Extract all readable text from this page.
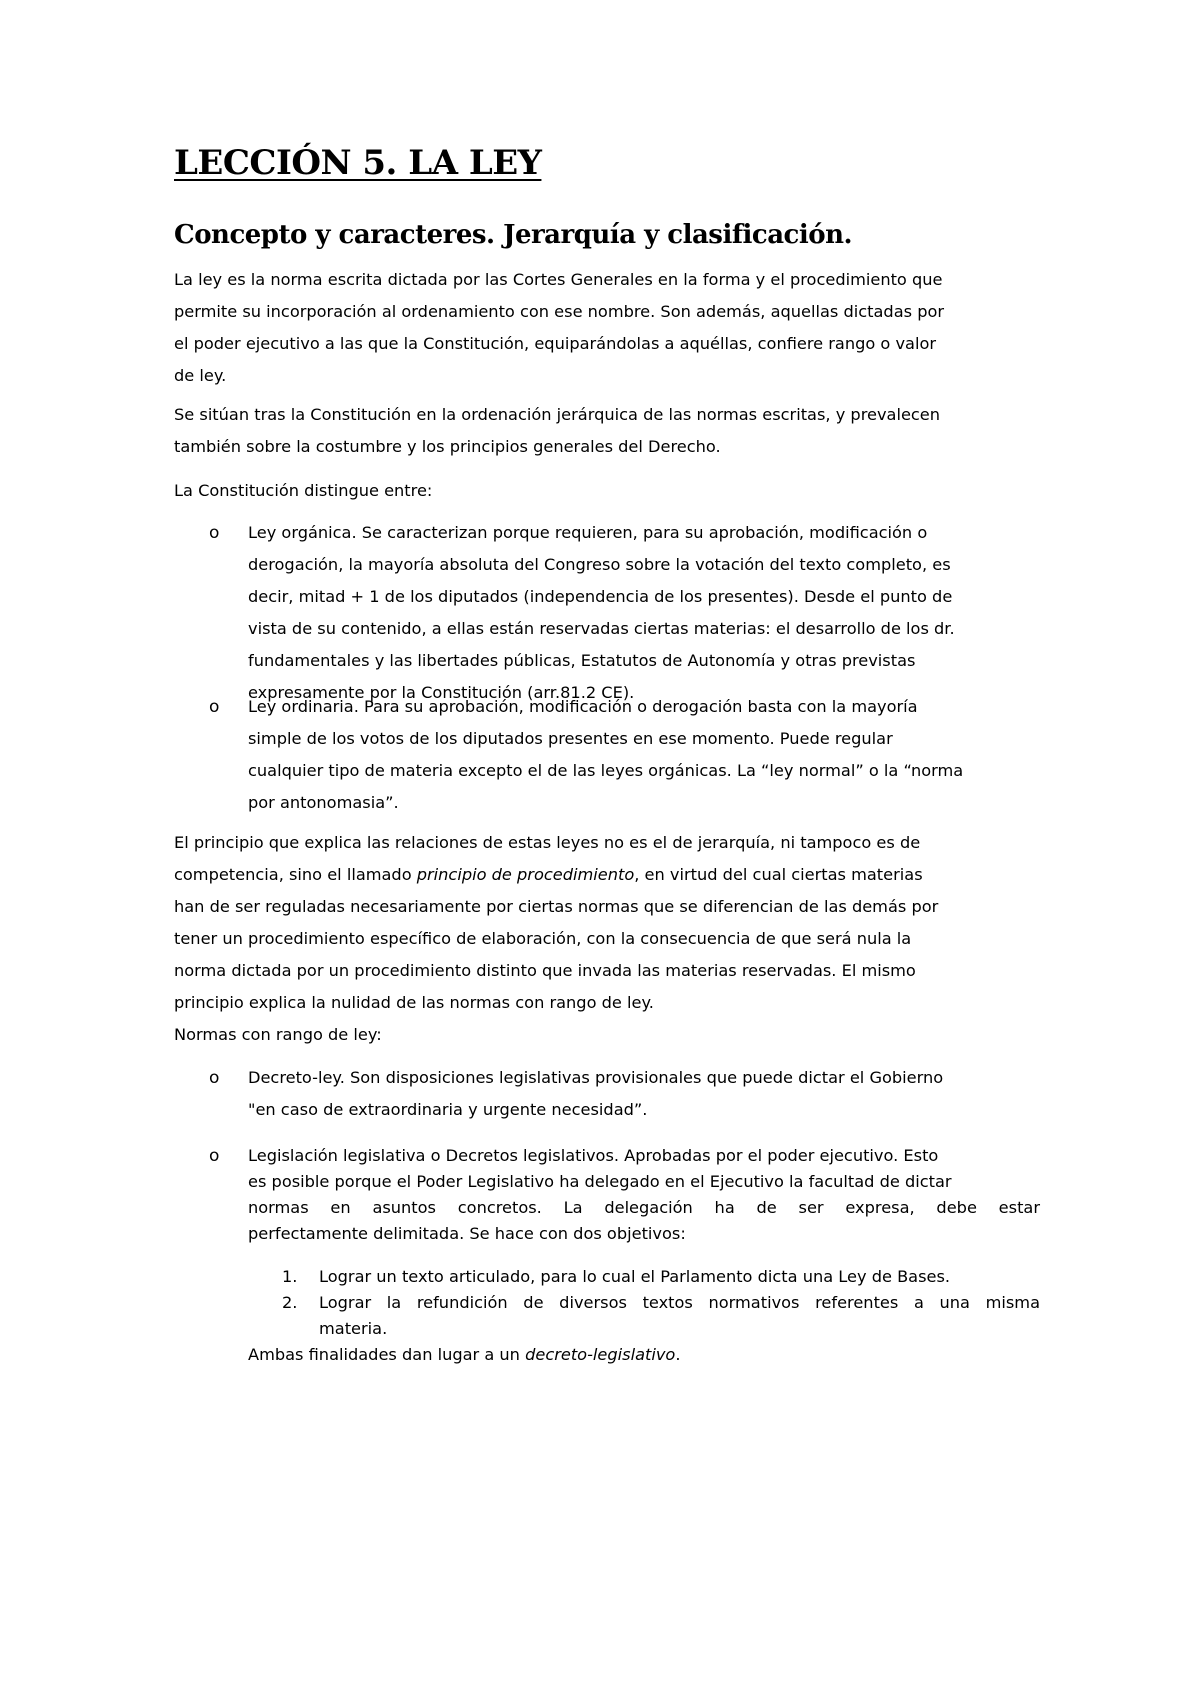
LECCIÓN 5. LA LEY
Concepto y caracteres. Jerarquía y clasificación.
La ley es la norma escrita dictada por las Cortes Generales en la forma y el procedimiento que
permite su incorporación al ordenamiento con ese nombre. Son además, aquellas dictadas por
el poder ejecutivo a las que la Constitución, equiparándolas a aquéllas, confiere rango o valor
de ley.
Se sitúan tras la Constitución en la ordenación jerárquica de las normas escritas, y prevalecen
también sobre la costumbre y los principios generales del Derecho.
La Constitución distingue entre:
o Ley orgánica. Se caracterizan porque requieren, para su aprobación, modificación o
derogación, la mayoría absoluta del Congreso sobre la votación del texto completo, es
decir, mitad + 1 de los diputados (independencia de los presentes). Desde el punto de
vista de su contenido, a ellas están reservadas ciertas materias: el desarrollo de los dr.
fundamentales y las libertades públicas, Estatutos de Autonomía y otras previstas
expresamente por la Constitución (arr.81.2 CE).
o Ley ordinaria. Para su aprobación, modificación o derogación basta con la mayoría
simple de los votos de los diputados presentes en ese momento. Puede regular
cualquier tipo de materia excepto el de las leyes orgánicas. La “ley normal” o la “norma
por antonomasia”.
El principio que explica las relaciones de estas leyes no es el de jerarquía, ni tampoco es de
competencia, sino el llamado principio de procedimiento, en virtud del cual ciertas materias
han de ser reguladas necesariamente por ciertas normas que se diferencian de las demás por
tener un procedimiento específico de elaboración, con la consecuencia de que será nula la
norma dictada por un procedimiento distinto que invada las materias reservadas. El mismo
principio explica la nulidad de las normas con rango de ley.
Normas con rango de ley:
o Decreto-ley. Son disposiciones legislativas provisionales que puede dictar el Gobierno
"en caso de extraordinaria y urgente necesidad”.
o Legislación legislativa o Decretos legislativos. Aprobadas por el poder ejecutivo. Esto
es posible porque el Poder Legislativo ha delegado en el Ejecutivo la facultad de dictar
normas en asuntos concretos. La delegación ha de ser expresa, debe estar
perfectamente delimitada. Se hace con dos objetivos:
1. Lograr un texto articulado, para lo cual el Parlamento dicta una Ley de Bases.
2. Lograr la refundición de diversos textos normativos referentes a una misma
materia.
Ambas finalidades dan lugar a un decreto-legislativo.
